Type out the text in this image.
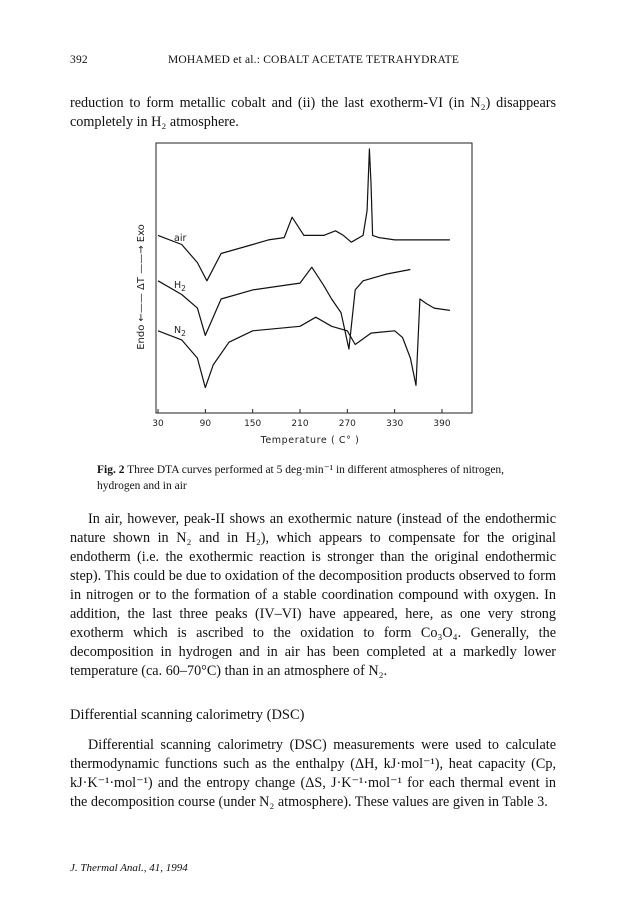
392	MOHAMED et al.: COBALT ACETATE TETRAHYDRATE
reduction to form metallic cobalt and (ii) the last exotherm-VI (in N₂) disappears completely in H₂ atmosphere.
30	90	150	210	270	330	390
air
$H_2$
$N_2$
Endo ←—— ΔT ——→ Exo
Temperature ( C° )
Fig. 2 Three DTA curves performed at 5 deg·min⁻¹ in different atmospheres of nitrogen, hydrogen and in air
In air, however, peak-II shows an exothermic nature (instead of the endothermic nature shown in N₂ and in H₂), which appears to compensate for the original endotherm (i.e. the exothermic reaction is stronger than the original endothermic step). This could be due to oxidation of the decomposition products observed to form in nitrogen or to the formation of a stable coordination compound with oxygen. In addition, the last three peaks (IV–VI) have appeared, here, as one very strong exotherm which is ascribed to the oxidation to form Co₃O₄. Generally, the decomposition in hydrogen and in air has been completed at a markedly lower temperature (ca. 60–70°C) than in an atmosphere of N₂.
Differential scanning calorimetry (DSC)
Differential scanning calorimetry (DSC) measurements were used to calculate thermodynamic functions such as the enthalpy (ΔH, kJ·mol⁻¹), heat capacity (Cp, kJ·K⁻¹·mol⁻¹) and the entropy change (ΔS, J·K⁻¹·mol⁻¹ for each thermal event in the decomposition course (under N₂ atmosphere). These values are given in Table 3.
J. Thermal Anal., 41, 1994
